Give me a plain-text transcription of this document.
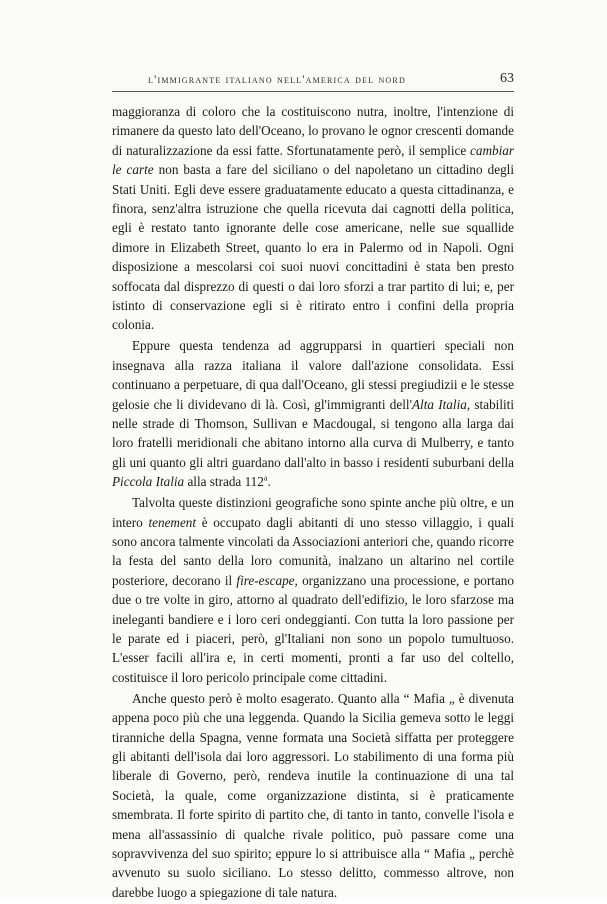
l'immigrante italiano nell'america del nord	63

maggioranza di coloro che la costituiscono nutra, inoltre, l'intenzione di rimanere da questo lato dell'Oceano, lo provano le ognor crescenti domande di naturalizzazione da essi fatte. Sfortunatamente però, il semplice cambiar le carte non basta a fare del siciliano o del napoletano un cittadino degli Stati Uniti. Egli deve essere graduatamente educato a questa cittadinanza, e finora, senz'altra istruzione che quella ricevuta dai cagnotti della politica, egli è restato tanto ignorante delle cose americane, nelle sue squallide dimore in Elizabeth Street, quanto lo era in Palermo od in Napoli. Ogni disposizione a mescolarsi coi suoi nuovi concittadini è stata ben presto soffocata dal disprezzo di questi o dai loro sforzi a trar partito di lui; e, per istinto di conservazione egli si è ritirato entro i confini della propria colonia.

Eppure questa tendenza ad aggrupparsi in quartieri speciali non insegnava alla razza italiana il valore dall'azione consolidata. Essi continuano a perpetuare, di qua dall'Oceano, gli stessi pregiudizii e le stesse gelosie che li dividevano di là. Così, gl'immigranti dell'Alta Italia, stabiliti nelle strade di Thomson, Sullivan e Macdougal, si tengono alla larga dai loro fratelli meridionali che abitano intorno alla curva di Mulberry, e tanto gli uni quanto gli altri guardano dall'alto in basso i residenti suburbani della Piccola Italia alla strada 112$^a$.

Talvolta queste distinzioni geografiche sono spinte anche più oltre, e un intero tenement è occupato dagli abitanti di uno stesso villaggio, i quali sono ancora talmente vincolati da Associazioni anteriori che, quando ricorre la festa del santo della loro comunità, inalzano un altarino nel cortile posteriore, decorano il fire-escape, organizzano una processione, e portano due o tre volte in giro, attorno al quadrato dell'edifizio, le loro sfarzose ma ineleganti bandiere e i loro ceri ondeggianti. Con tutta la loro passione per le parate ed i piaceri, però, gl'Italiani non sono un popolo tumultuoso. L'esser facili all'ira e, in certi momenti, pronti a far uso del coltello, costituisce il loro pericolo principale come cittadini.

Anche questo però è molto esagerato. Quanto alla “ Mafia „ è divenuta appena poco più che una leggenda. Quando la Sicilia gemeva sotto le leggi tiranniche della Spagna, venne formata una Società siffatta per proteggere gli abitanti dell'isola dai loro aggressori. Lo stabilimento di una forma più liberale di Governo, però, rendeva inutile la continuazione di una tal Società, la quale, come organizzazione distinta, si è praticamente smembrata. Il forte spirito di partito che, di tanto in tanto, convelle l'isola e mena all'assassinio di qualche rivale politico, può passare come una sopravvivenza del suo spirito; eppure lo si attribuisce alla “ Mafia „ perchè avvenuto su suolo siciliano. Lo stesso delitto, commesso altrove, non darebbe luogo a spiegazione di tale natura.
